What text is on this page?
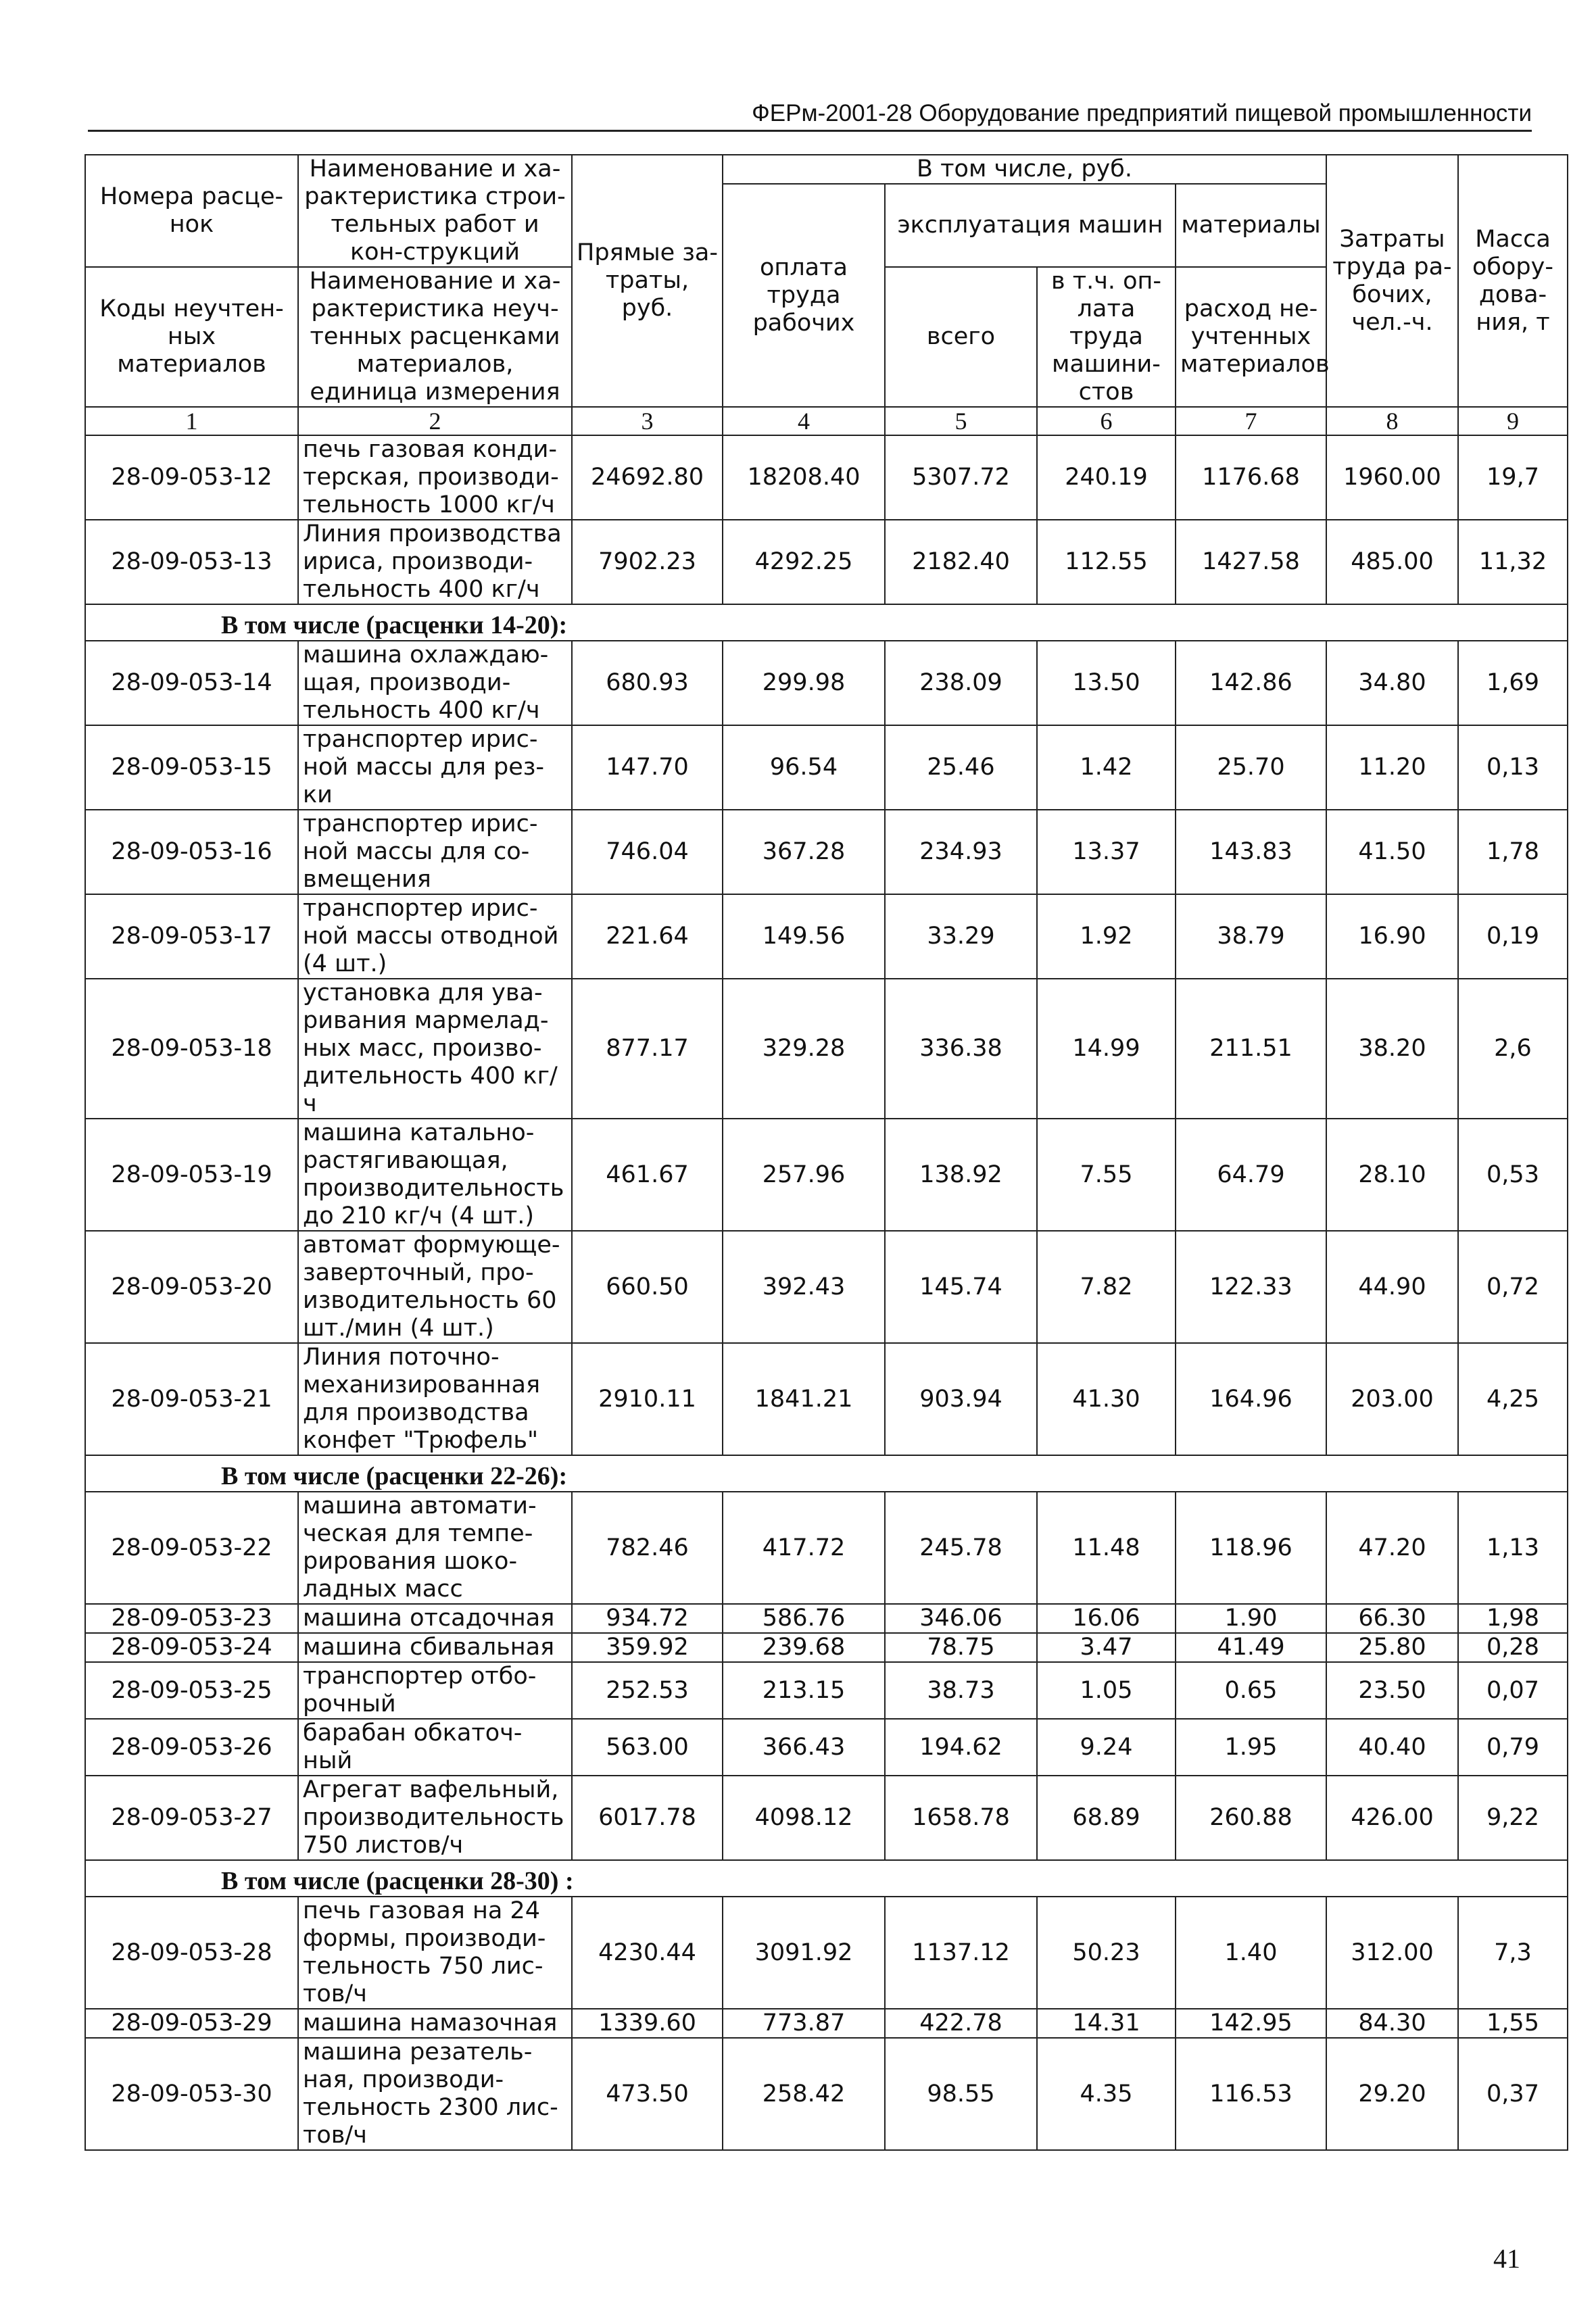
ФЕРм-2001-28 Оборудование предприятий пищевой промышленности
Номера расце-нок	Наименование и ха-рактеристика строи-тельных работ и кон-струкций	Прямые за-траты, руб.	В том числе, руб.				Затраты труда ра-бочих, чел.-ч.	Масса обору-дова-ния, т
			оплата труда рабочих	эксплуатация машин		материалы		
Коды неучтен-ных материалов	Наименование и ха-рактеристика неуч-тенных расценками материалов, единица измерения			всего	в т.ч. оп-лата труда машини-стов	расход не-учтенных материалов		

1	2	3	4	5	6	7	8	9
28-09-053-12	печь газовая конди-терская, производи-тельность 1000 кг/ч	24692.80	18208.40	5307.72	240.19	1176.68	1960.00	19,7
28-09-053-13	Линия производства ириса, производи-тельность 400 кг/ч	7902.23	4292.25	2182.40	112.55	1427.58	485.00	11,32
В том числе (расценки 14-20):								
28-09-053-14	машина охлаждаю-щая, производи-тельность 400 кг/ч	680.93	299.98	238.09	13.50	142.86	34.80	1,69
28-09-053-15	транспортер ирис-ной массы для рез-ки	147.70	96.54	25.46	1.42	25.70	11.20	0,13
28-09-053-16	транспортер ирис-ной массы для со-вмещения	746.04	367.28	234.93	13.37	143.83	41.50	1,78
28-09-053-17	транспортер ирис-ной массы отводной (4 шт.)	221.64	149.56	33.29	1.92	38.79	16.90	0,19
28-09-053-18	установка для ува-ривания мармелад-ных масс, произво-дительность 400 кг/ч	877.17	329.28	336.38	14.99	211.51	38.20	2,6
28-09-053-19	машина катально-растягивающая, производительность до 210 кг/ч (4 шт.)	461.67	257.96	138.92	7.55	64.79	28.10	0,53
28-09-053-20	автомат формующе-заверточный, про-изводительность 60 шт./мин (4 шт.)	660.50	392.43	145.74	7.82	122.33	44.90	0,72
28-09-053-21	Линия поточно-механизированная для производства конфет "Трюфель"	2910.11	1841.21	903.94	41.30	164.96	203.00	4,25
В том числе (расценки 22-26):								
28-09-053-22	машина автомати-ческая для темпе-рирования шоко-ладных масс	782.46	417.72	245.78	11.48	118.96	47.20	1,13
28-09-053-23	машина отсадочная	934.72	586.76	346.06	16.06	1.90	66.30	1,98
28-09-053-24	машина сбивальная	359.92	239.68	78.75	3.47	41.49	25.80	0,28
28-09-053-25	транспортер отбо-рочный	252.53	213.15	38.73	1.05	0.65	23.50	0,07
28-09-053-26	барабан обкаточ-ный	563.00	366.43	194.62	9.24	1.95	40.40	0,79
28-09-053-27	Агрегат вафельный, производительность 750 листов/ч	6017.78	4098.12	1658.78	68.89	260.88	426.00	9,22
В том числе (расценки 28-30) :								
28-09-053-28	печь газовая на 24 формы, производи-тельность 750 лис-тов/ч	4230.44	3091.92	1137.12	50.23	1.40	312.00	7,3
28-09-053-29	машина намазочная	1339.60	773.87	422.78	14.31	142.95	84.30	1,55
28-09-053-30	машина резатель-ная, производи-тельность 2300 лис-тов/ч	473.50	258.42	98.55	4.35	116.53	29.20	0,37
41
